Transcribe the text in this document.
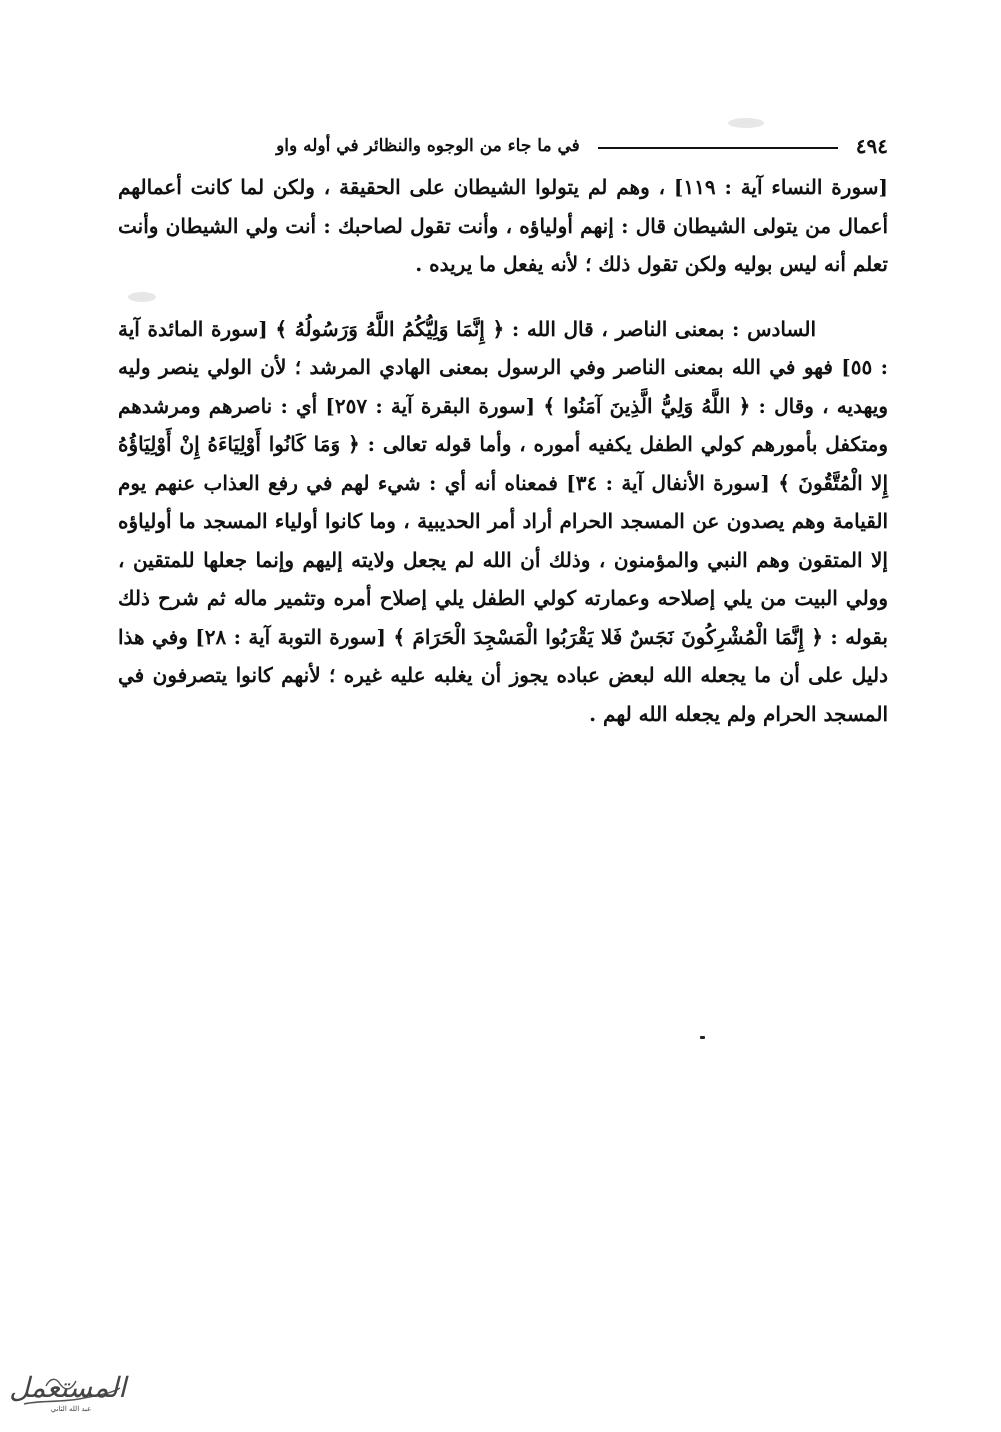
٤٩٤
في ما جاء من الوجوه والنظائر في أوله واو

[سورة النساء آية : ١١٩] ، وهم لم يتولوا الشيطان على الحقيقة ، ولكن لما كانت أعمالهم أعمال من يتولى الشيطان قال : إنهم أولياؤه ، وأنت تقول لصاحبك : أنت ولي الشيطان وأنت تعلم أنه ليس بوليه ولكن تقول ذلك ؛ لأنه يفعل ما يريده .

السادس : بمعنى الناصر ، قال الله : ﴿ إِنَّمَا وَلِيُّكُمُ اللَّهُ وَرَسُولُهُ ﴾ [سورة المائدة آية : ٥٥] فهو في الله بمعنى الناصر وفي الرسول بمعنى الهادي المرشد ؛ لأن الولي ينصر وليه ويهديه ، وقال : ﴿ اللَّهُ وَلِيُّ الَّذِينَ آمَنُوا ﴾ [سورة البقرة آية : ٢٥٧] أي : ناصرهم ومرشدهم ومتكفل بأمورهم كولي الطفل يكفيه أموره ، وأما قوله تعالى : ﴿ وَمَا كَانُوا أَوْلِيَاءَهُ إِنْ أَوْلِيَاؤُهُ إِلا الْمُتَّقُونَ ﴾ [سورة الأنفال آية : ٣٤] فمعناه أنه أي : شيء لهم في رفع العذاب عنهم يوم القيامة وهم يصدون عن المسجد الحرام أراد أمر الحديبية ، وما كانوا أولياء المسجد ما أولياؤه إلا المتقون وهم النبي والمؤمنون ، وذلك أن الله لم يجعل ولايته إليهم وإنما جعلها للمتقين ، وولي البيت من يلي إصلاحه وعمارته كولي الطفل يلي إصلاح أمره وتثمير ماله ثم شرح ذلك بقوله : ﴿ إِنَّمَا الْمُشْرِكُونَ نَجَسٌ فَلا يَقْرَبُوا الْمَسْجِدَ الْحَرَامَ ﴾ [سورة التوبة آية : ٢٨] وفي هذا دليل على أن ما يجعله الله لبعض عباده يجوز أن يغلبه عليه غيره ؛ لأنهم كانوا يتصرفون في المسجد الحرام ولم يجعله الله لهم .

المستعمل
عبد الله الثاني
